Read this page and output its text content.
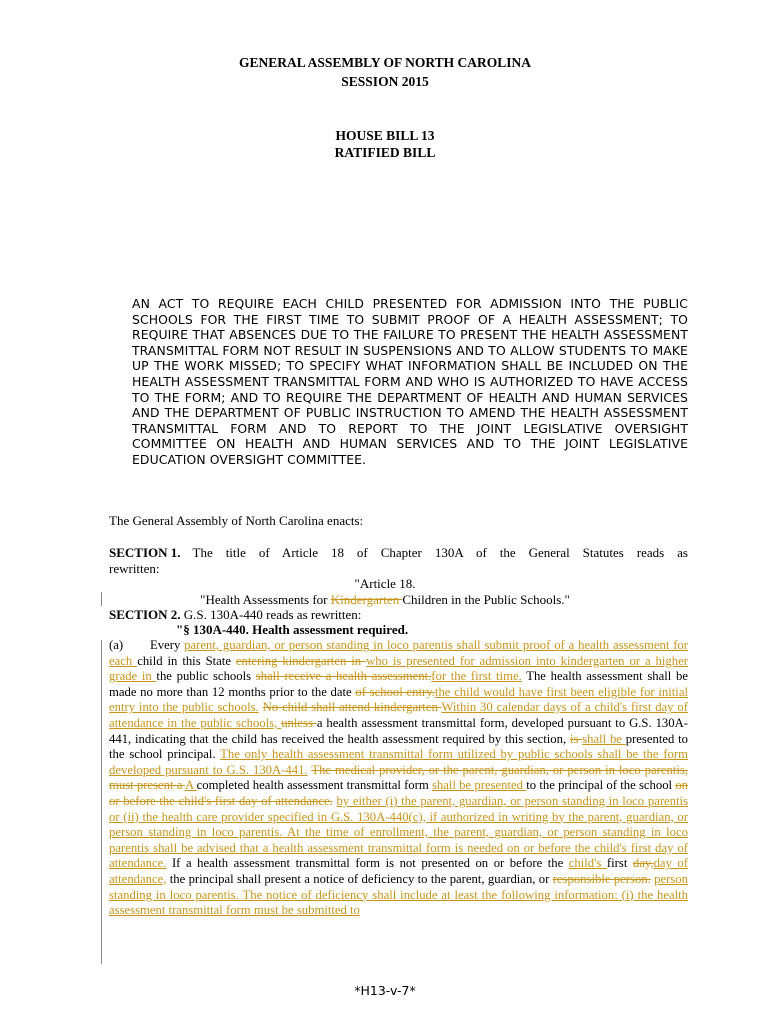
GENERAL ASSEMBLY OF NORTH CAROLINA
SESSION 2015
HOUSE BILL 13
RATIFIED BILL
AN ACT TO REQUIRE EACH CHILD PRESENTED FOR ADMISSION INTO THE PUBLIC SCHOOLS FOR THE FIRST TIME TO SUBMIT PROOF OF A HEALTH ASSESSMENT; TO REQUIRE THAT ABSENCES DUE TO THE FAILURE TO PRESENT THE HEALTH ASSESSMENT TRANSMITTAL FORM NOT RESULT IN SUSPENSIONS AND TO ALLOW STUDENTS TO MAKE UP THE WORK MISSED; TO SPECIFY WHAT INFORMATION SHALL BE INCLUDED ON THE HEALTH ASSESSMENT TRANSMITTAL FORM AND WHO IS AUTHORIZED TO HAVE ACCESS TO THE FORM; AND TO REQUIRE THE DEPARTMENT OF HEALTH AND HUMAN SERVICES AND THE DEPARTMENT OF PUBLIC INSTRUCTION TO AMEND THE HEALTH ASSESSMENT TRANSMITTAL FORM AND TO REPORT TO THE JOINT LEGISLATIVE OVERSIGHT COMMITTEE ON HEALTH AND HUMAN SERVICES AND TO THE JOINT LEGISLATIVE EDUCATION OVERSIGHT COMMITTEE.
The General Assembly of North Carolina enacts:
SECTION 1. The title of Article 18 of Chapter 130A of the General Statutes reads as
rewritten:
"Article 18.
"Health Assessments for Kindergarten Children in the Public Schools."
SECTION 2. G.S. 130A-440 reads as rewritten:
"§ 130A-440. Health assessment required.
(a)       Every parent, guardian, or person standing in loco parentis shall submit proof of a health assessment for each child in this State entering kindergarten in who is presented for admission into kindergarten or a higher grade in the public schools shall receive a health assessment.for the first time. The health assessment shall be made no more than 12 months prior to the date of school entry.the child would have first been eligible for initial entry into the public schools. No child shall attend kindergarten Within 30 calendar days of a child's first day of attendance in the public schools, unless a health assessment transmittal form, developed pursuant to G.S. 130A-441, indicating that the child has received the health assessment required by this section, is shall be presented to the school principal. The only health assessment transmittal form utilized by public schools shall be the form developed pursuant to G.S. 130A-441. The medical provider, or the parent, guardian, or person in loco parentis, must present a A completed health assessment transmittal form shall be presented to the principal of the school on or before the child's first day of attendance. by either (i) the parent, guardian, or person standing in loco parentis or (ii) the health care provider specified in G.S. 130A-440(c), if authorized in writing by the parent, guardian, or person standing in loco parentis. At the time of enrollment, the parent, guardian, or person standing in loco parentis shall be advised that a health assessment transmittal form is needed on or before the child's first day of attendance. If a health assessment transmittal form is not presented on or before the child's first day,day of attendance, the principal shall present a notice of deficiency to the parent, guardian, or responsible person. person standing in loco parentis. The notice of deficiency shall include at least the following information: (i) the health assessment transmittal form must be submitted to
*H13-v-7*
